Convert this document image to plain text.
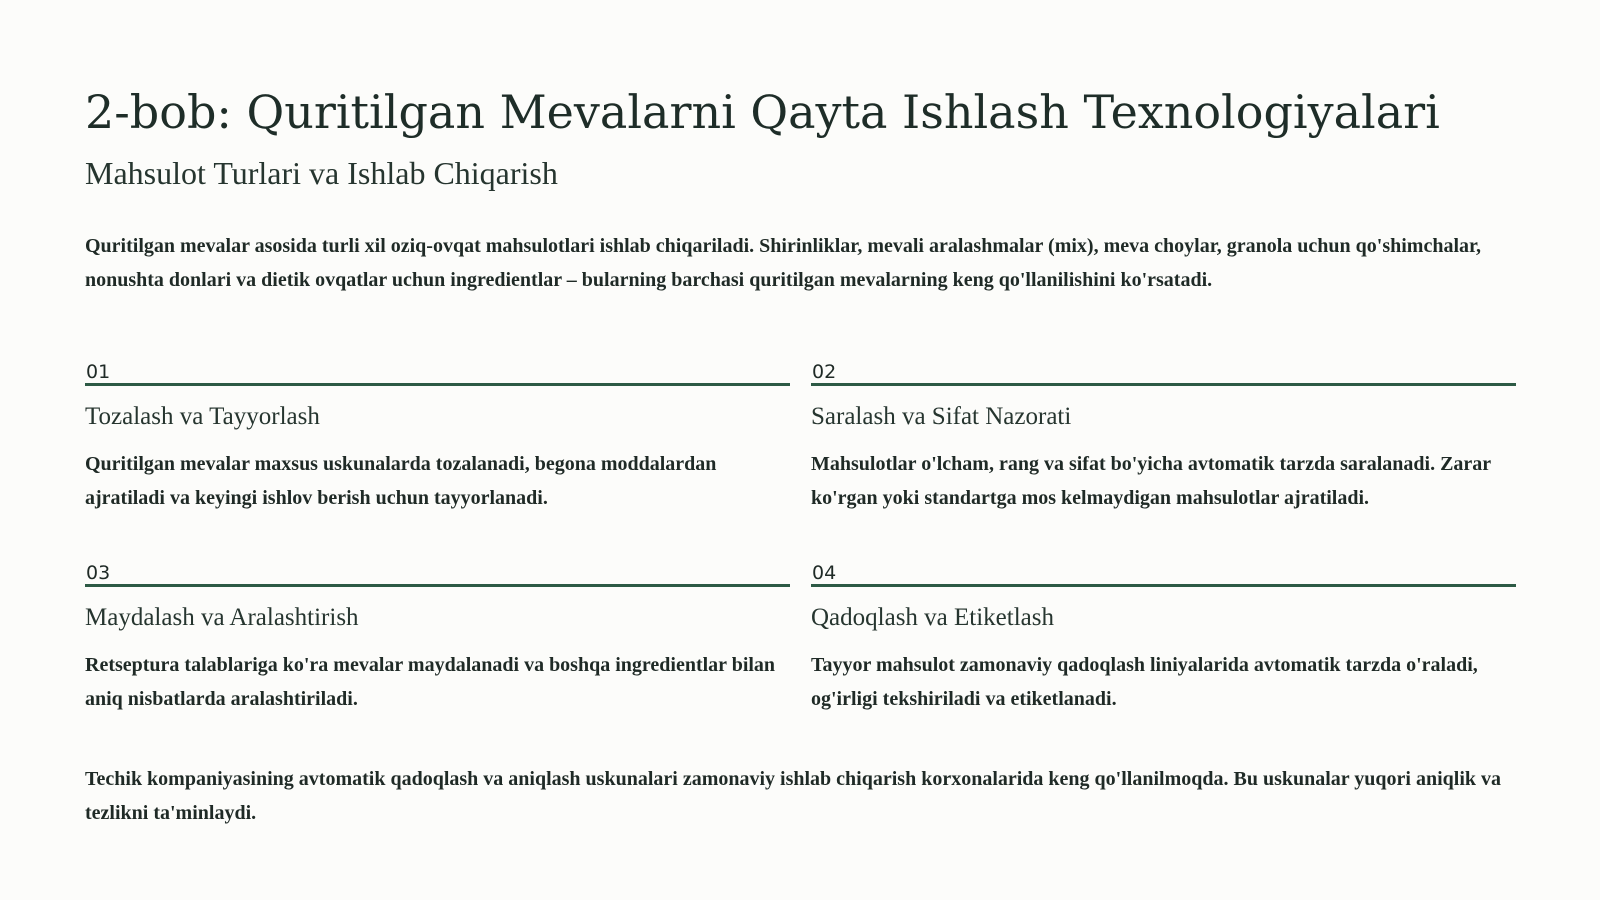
2-bob: Quritilgan Mevalarni Qayta Ishlash Texnologiyalari
Mahsulot Turlari va Ishlab Chiqarish

Quritilgan mevalar asosida turli xil oziq-ovqat mahsulotlari ishlab chiqariladi. Shirinliklar, mevali aralashmalar (mix), meva choylar, granola uchun qo'shimchalar, nonushta donlari va dietik ovqatlar uchun ingredientlar – bularning barchasi quritilgan mevalarning keng qo'llanilishini ko'rsatadi.

01
Tozalash va Tayyorlash

Quritilgan mevalar maxsus uskunalarda tozalanadi, begona moddalardan ajratiladi va keyingi ishlov berish uchun tayyorlanadi.

02
Saralash va Sifat Nazorati

Mahsulotlar o'lcham, rang va sifat bo'yicha avtomatik tarzda saralanadi. Zarar ko'rgan yoki standartga mos kelmaydigan mahsulotlar ajratiladi.

03
Maydalash va Aralashtirish

Retseptura talablariga ko'ra mevalar maydalanadi va boshqa ingredientlar bilan aniq nisbatlarda aralashtiriladi.

04
Qadoqlash va Etiketlash

Tayyor mahsulot zamonaviy qadoqlash liniyalarida avtomatik tarzda o'raladi, og'irligi tekshiriladi va etiketlanadi.

Techik kompaniyasining avtomatik qadoqlash va aniqlash uskunalari zamonaviy ishlab chiqarish korxonalarida keng qo'llanilmoqda. Bu uskunalar yuqori aniqlik va tezlikni ta'minlaydi.
